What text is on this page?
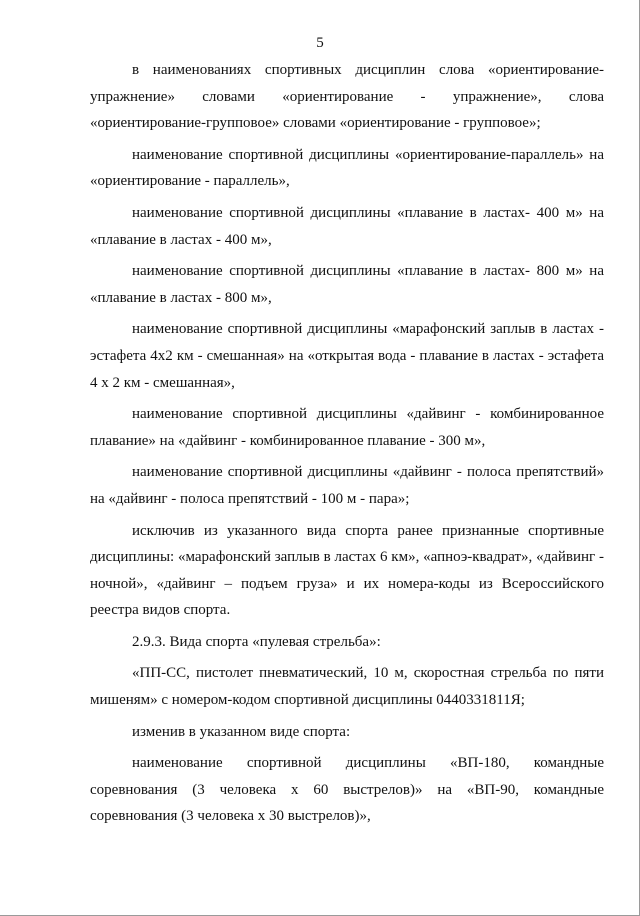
5

в наименованиях спортивных дисциплин слова «ориентирование-упражнение» словами «ориентирование - упражнение», слова «ориентирование-групповое» словами «ориентирование - групповое»;

наименование спортивной дисциплины «ориентирование-параллель» на «ориентирование - параллель»,

наименование спортивной дисциплины «плавание в ластах- 400 м» на «плавание в ластах - 400 м»,

наименование спортивной дисциплины «плавание в ластах- 800 м» на «плавание в ластах - 800 м»,

наименование спортивной дисциплины «марафонский заплыв в ластах - эстафета 4х2 км - смешанная» на «открытая вода - плавание в ластах - эстафета 4 х 2 км - смешанная»,

наименование спортивной дисциплины «дайвинг - комбинированное плавание» на «дайвинг - комбинированное плавание - 300 м»,

наименование спортивной дисциплины «дайвинг - полоса препятствий» на «дайвинг - полоса препятствий - 100 м - пара»;

исключив из указанного вида спорта ранее признанные спортивные дисциплины: «марафонский заплыв в ластах 6 км», «апноэ-квадрат», «дайвинг - ночной», «дайвинг – подъем груза» и их номера-коды из Всероссийского реестра видов спорта.

2.9.3. Вида спорта «пулевая стрельба»:

«ПП-СС, пистолет пневматический, 10 м, скоростная стрельба по пяти мишеням» с номером-кодом спортивной дисциплины 0440331811Я;

изменив в указанном виде спорта:

наименование спортивной дисциплины «ВП-180, командные соревнования (3 человека х 60 выстрелов)» на «ВП-90, командные соревнования (3 человека х 30 выстрелов)»,
